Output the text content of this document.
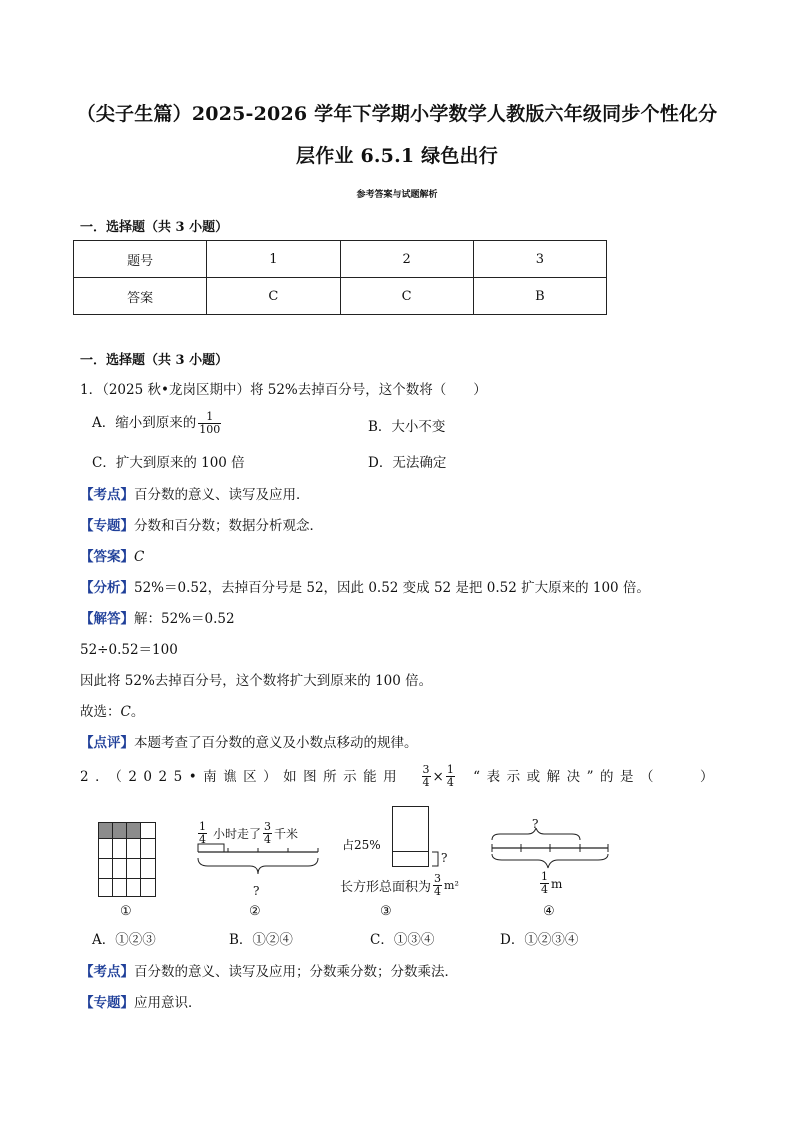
（尖子生篇）2025-2026 学年下学期小学数学人教版六年级同步个性化分
层作业 6.5.1 绿色出行
参考答案与试题解析
一．选择题（共 3 小题）
题号	1	2	3
答案	C	C	B
一．选择题（共 3 小题）
1．（2025 秋•龙岗区期中）将 52%去掉百分号，这个数将（　　）
A．缩小到原来的 $\frac{1}{100}$	B．大小不变
C．扩大到原来的 100 倍	D．无法确定
【考点】百分数的意义、读写及应用．
【专题】分数和百分数；数据分析观念．
【答案】C
【分析】52%＝0.52，去掉百分号是 52，因此 0.52 变成 52 是把 0.52 扩大原来的 100 倍。
【解答】解：52%＝0.52
52÷0.52＝100
因此将 52%去掉百分号，这个数将扩大到原来的 100 倍。
故选：C。
【点评】本题考查了百分数的意义及小数点移动的规律。
2．（2025•南谯区）如图所示能用 $\frac{3}{4} \times \frac{1}{4}$ “表示或解决”的是（　　）
$\frac{1}{4}$ 小时走了 $\frac{3}{4}$ 千米
?
占25%
?
长方形总面积为 $\frac{3}{4} m^2$
?
$\frac{1}{4}$ m
①	②	③	④
A．①②③	B．①②④	C．①③④	D．①②③④
【考点】百分数的意义、读写及应用；分数乘分数；分数乘法．
【专题】应用意识．
